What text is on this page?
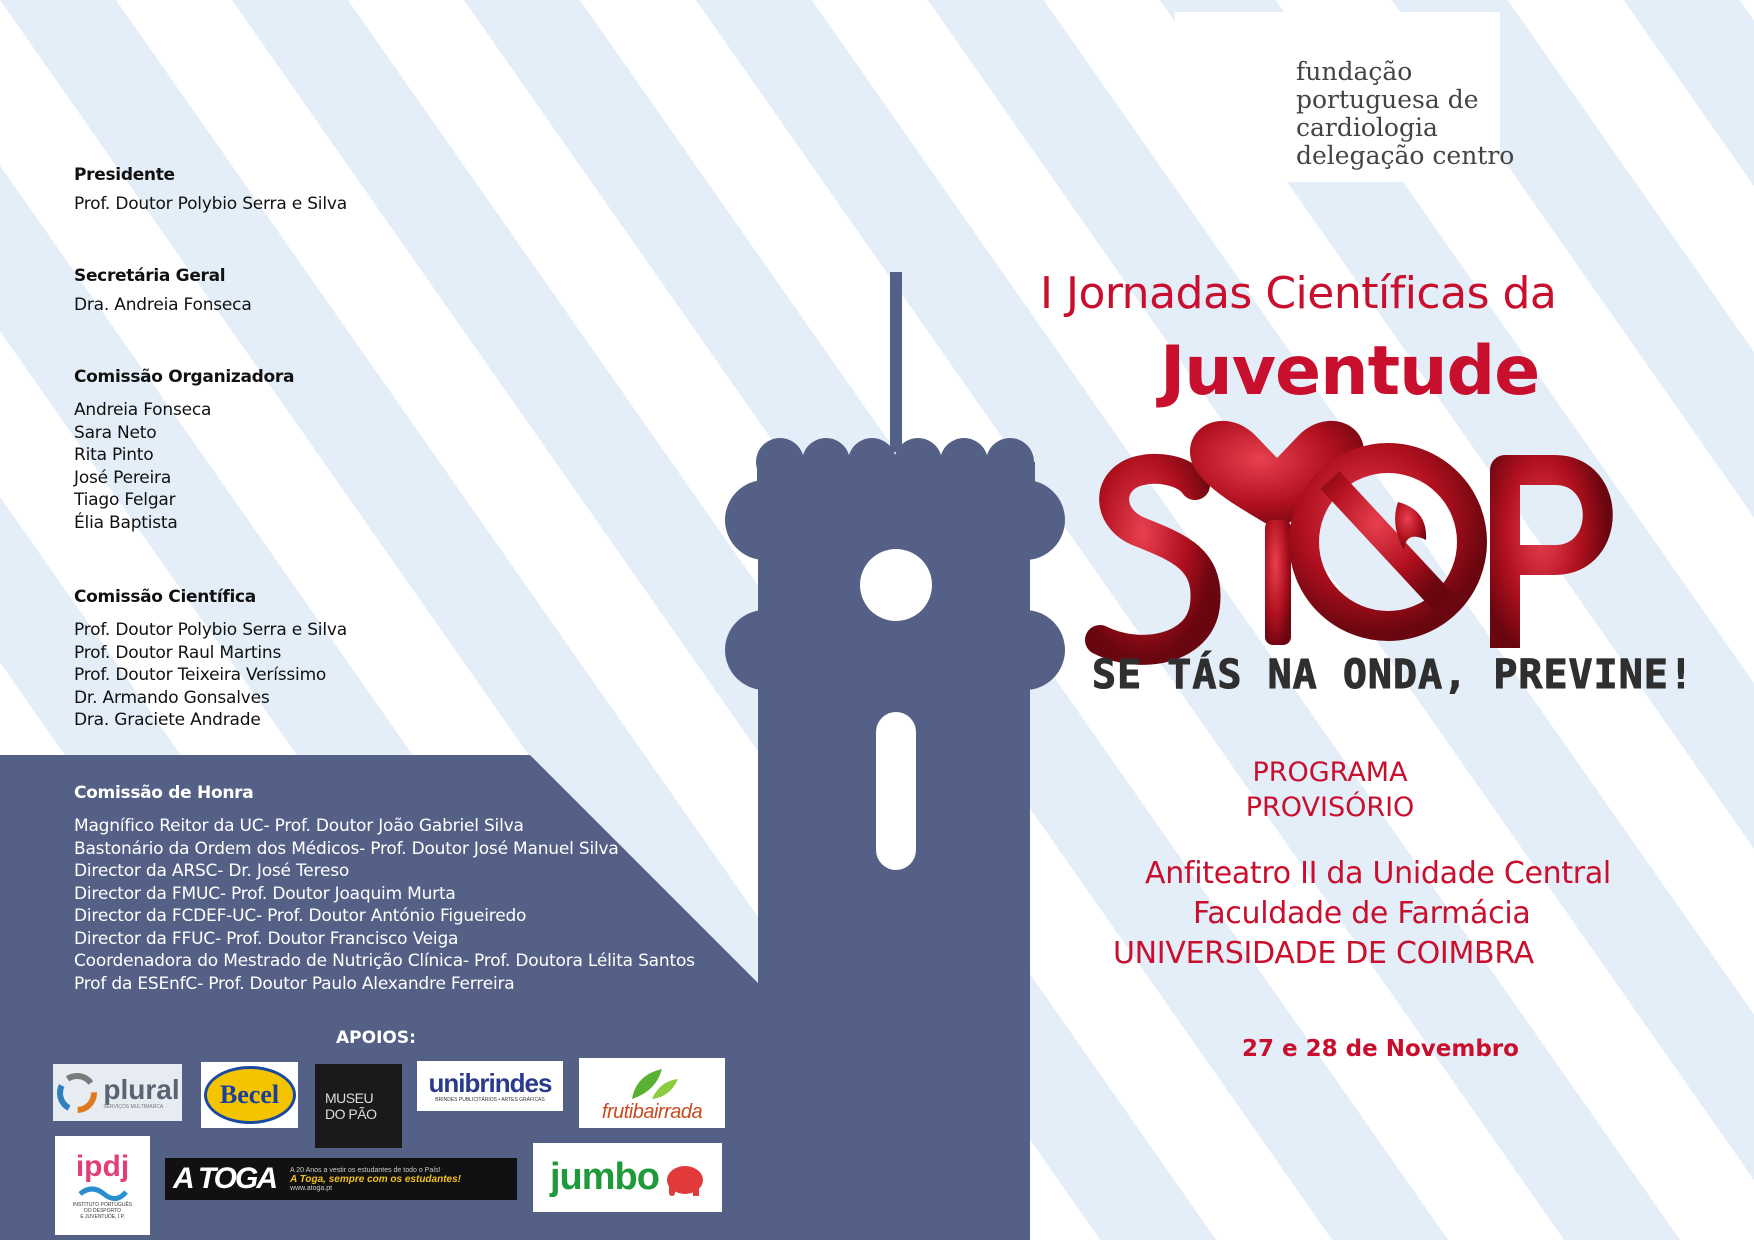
fundação
portuguesa de
cardiologia
delegação centro
Presidente
Prof. Doutor Polybio Serra e Silva
Secretária Geral
Dra. Andreia Fonseca
Comissão Organizadora
Andreia Fonseca
Sara Neto
Rita Pinto
José Pereira
Tiago Felgar
Élia Baptista
Comissão Científica
Prof. Doutor Polybio Serra e Silva
Prof. Doutor Raul Martins
Prof. Doutor Teixeira Veríssimo
Dr. Armando Gonsalves
Dra. Graciete Andrade
Comissão de Honra
Magnífico Reitor da UC- Prof. Doutor João Gabriel Silva
Bastonário da Ordem dos Médicos- Prof. Doutor José Manuel Silva
Director da ARSC- Dr. José Tereso
Director da FMUC- Prof. Doutor Joaquim Murta
Director da FCDEF-UC- Prof. Doutor António Figueiredo
Director da FFUC- Prof. Doutor Francisco Veiga
Coordenadora do Mestrado de Nutrição Clínica- Prof. Doutora Lélita Santos
Prof da ESEnfC- Prof. Doutor Paulo Alexandre Ferreira
I Jornadas Científicas da
Juventude
SE TÁS NA ONDA, PREVINE!
PROGRAMA
PROVISÓRIO
Anfiteatro II da Unidade Central
Faculdade de Farmácia
UNIVERSIDADE DE COIMBRA
27 e 28 de Novembro
APOIOS:
plural
SERVIÇOS MULTIMARCA	Becel	MUSEU
DO PÃO
unibrindes
BRINDES PUBLICITÁRIOS • ARTES GRÁFICAS
frutibairrada
ipdj
INSTITUTO PORTUGUÊS
DO DESPORTO
E JUVENTUDE, I.P.
A TOGA A 20 Anos a vestir os estudantes de todo o País!
A Toga, sempre com os estudantes!
www.atoga.pt	jumbo
